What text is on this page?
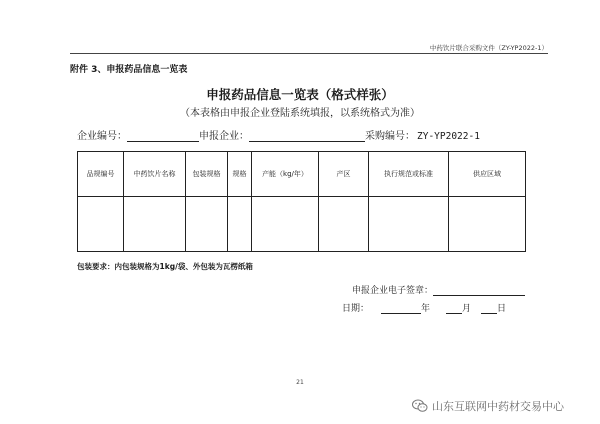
中药饮片联合采购文件（ZY-YP2022-1）
附件 3、申报药品信息一览表
申报药品信息一览表（格式样张）
（本表格由申报企业登陆系统填报，以系统格式为准）
企业编号：	申报企业：	采购编号： ZY-YP2022-1
品规编号	中药饮片名称	包装规格	规格	产能（kg/年）	产区	执行规范或标准	供应区域

包装要求：内包装规格为1kg/袋、外包装为瓦楞纸箱
申报企业电子签章：
日期：	年	月	日
21
山东互联网中药材交易中心
